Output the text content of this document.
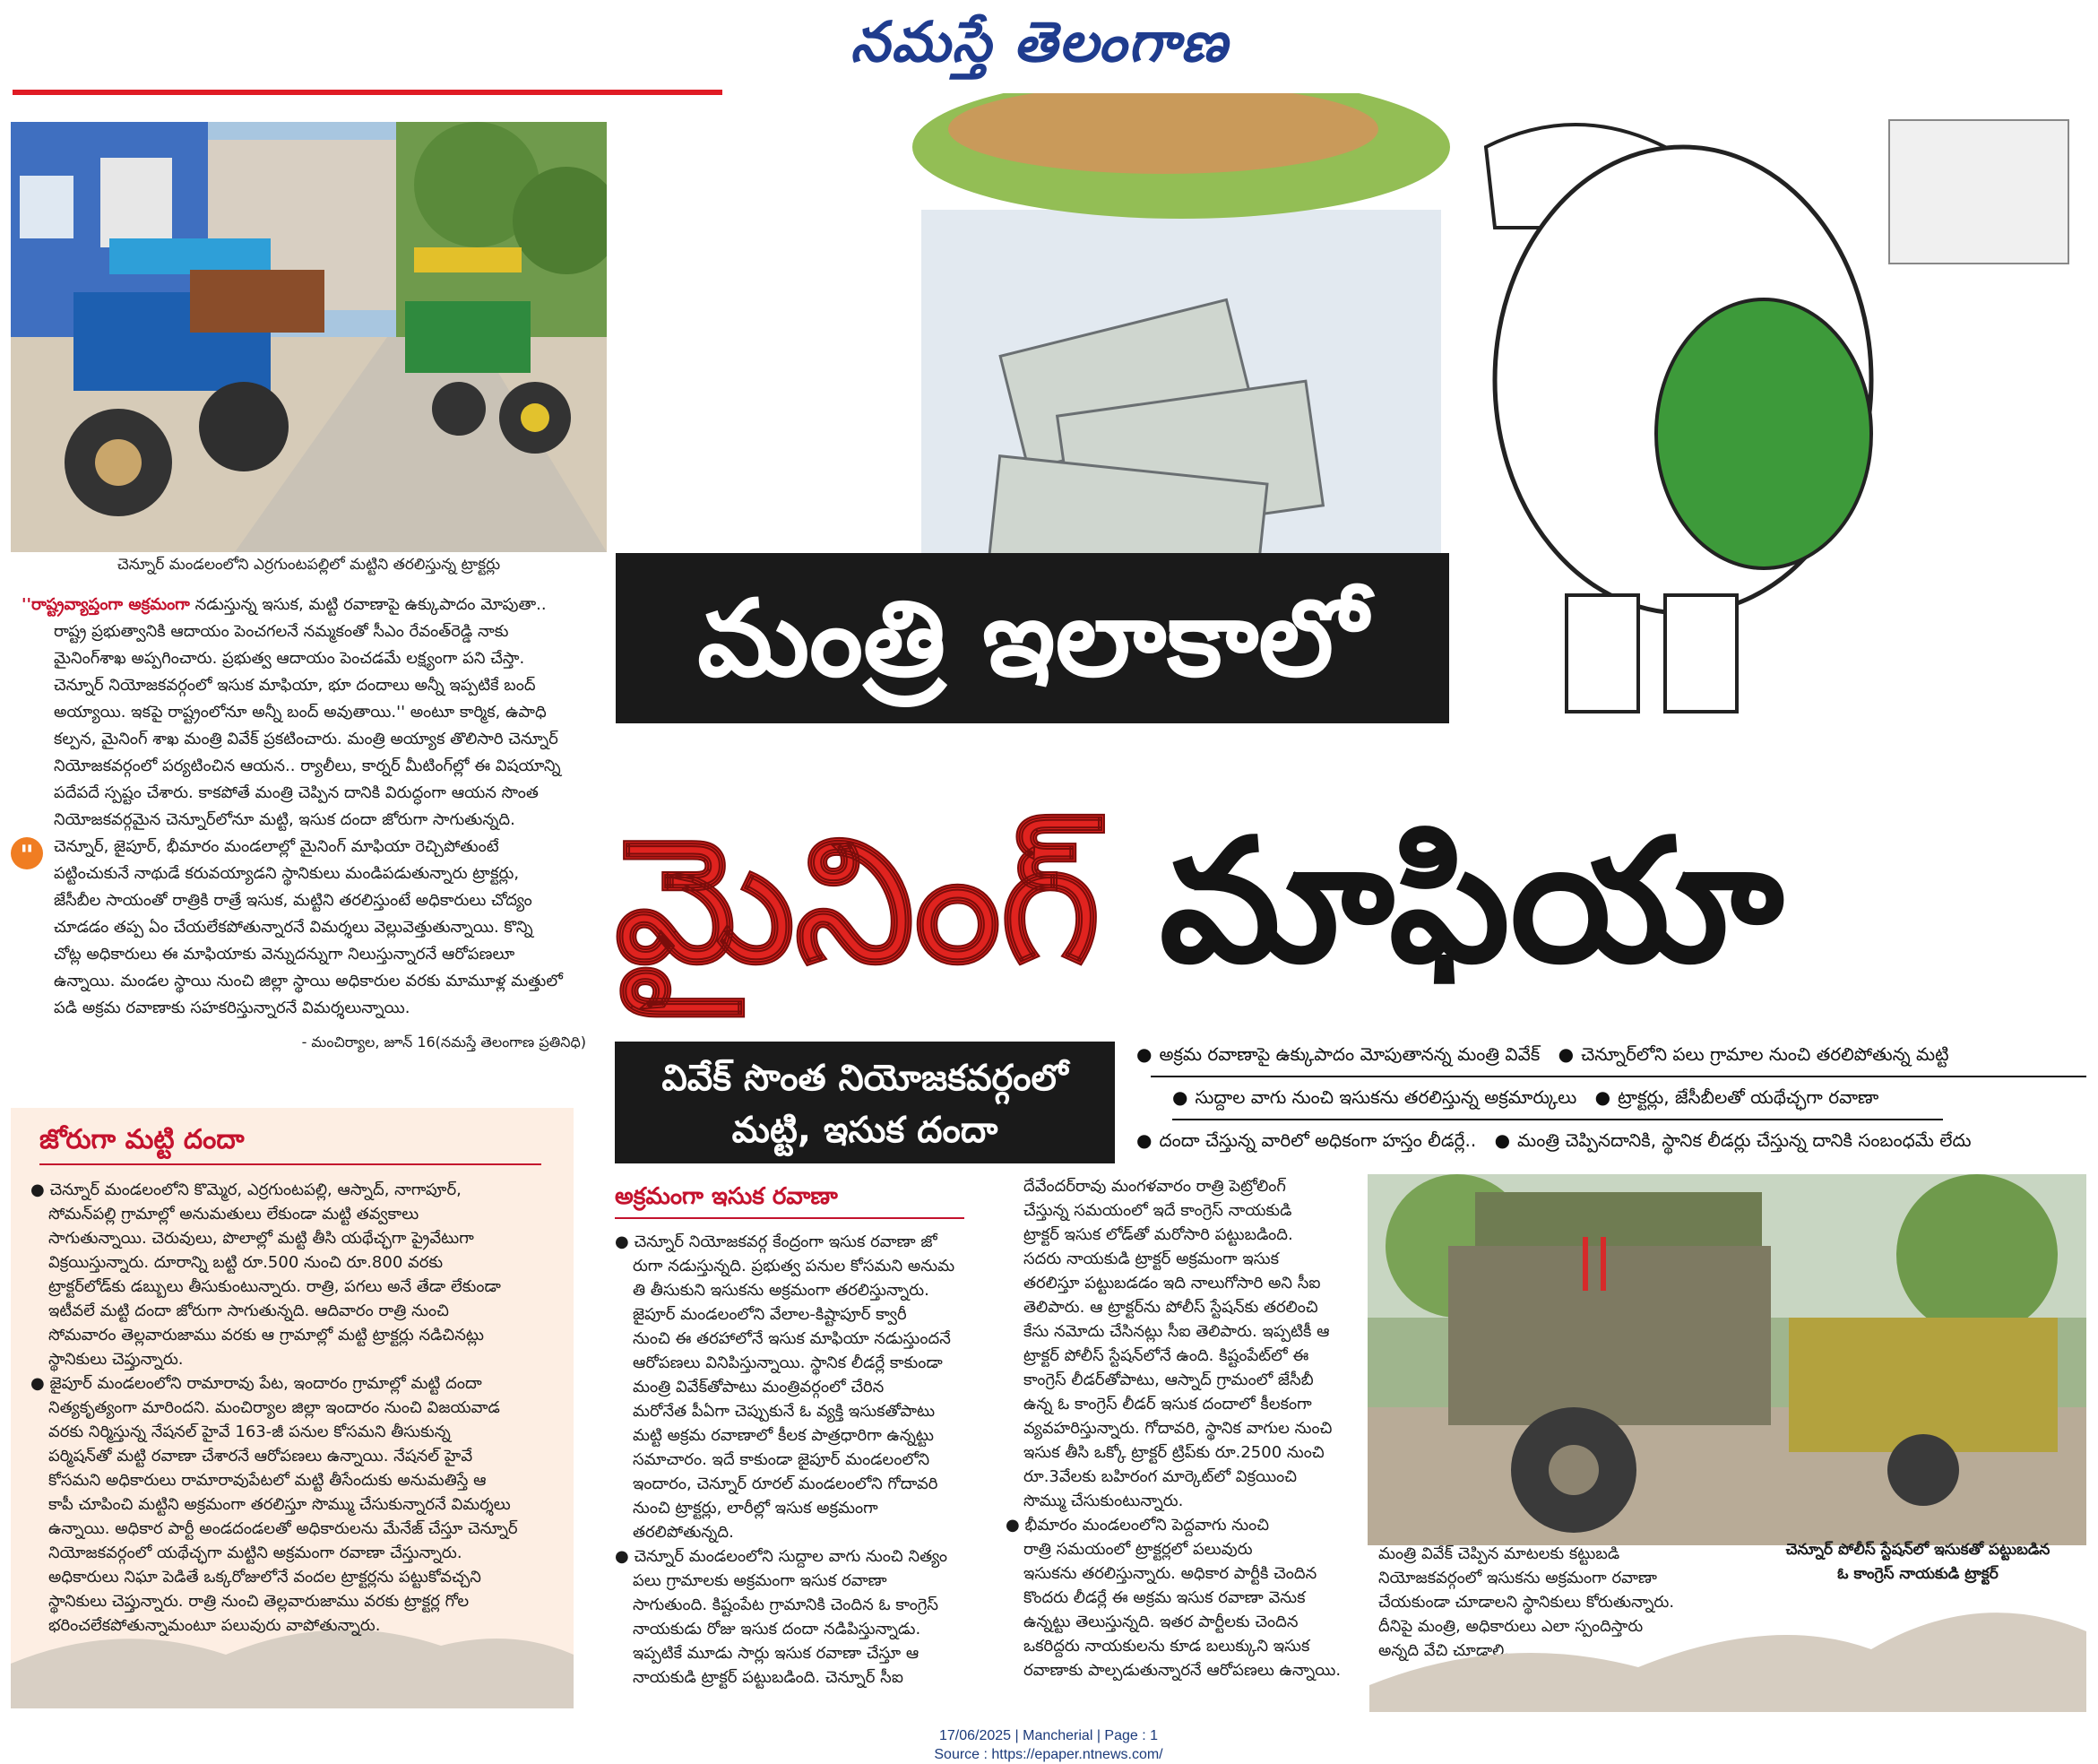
నమస్తే తెలంగాణ
చెన్నూర్ మండలంలోని ఎర్రగుంటపల్లిలో మట్టిని తరలిస్తున్న ట్రాక్టర్లు
మంత్రి ఇలాకాలో
మైనింగ్ మాఫియా

''రాష్ట్రవ్యాప్తంగా అక్రమంగా నడుస్తున్న ఇసుక, మట్టి రవాణాపై ఉక్కుపాదం మోపుతా..

రాష్ట్ర ప్రభుత్వానికి ఆదాయం పెంచగలనే నమ్మకంతో సీఎం రేవంత్‌రెడ్డి నాకు

మైనింగ్‌శాఖ అప్పగించారు. ప్రభుత్వ ఆదాయం పెంచడమే లక్ష్యంగా పని చేస్తా.

చెన్నూర్ నియోజకవర్గంలో ఇసుక మాఫియా, భూ దందాలు అన్నీ ఇప్పటికే బంద్

అయ్యాయి. ఇకపై రాష్ట్రంలోనూ అన్నీ బంద్ అవుతాయి.'' అంటూ కార్మిక, ఉపాధి

కల్పన, మైనింగ్ శాఖ మంత్రి వివేక్ ప్రకటించారు. మంత్రి అయ్యాక తొలిసారి చెన్నూర్

నియోజకవర్గంలో పర్యటించిన ఆయన.. ర్యాలీలు, కార్నర్ మీటింగ్‌ల్లో ఈ విషయాన్ని

పదేపదే స్పష్టం చేశారు. కాకపోతే మంత్రి చెప్పిన దానికి విరుద్ధంగా ఆయన సొంత

నియోజకవర్గమైన చెన్నూర్‌లోనూ మట్టి, ఇసుక దందా జోరుగా సాగుతున్నది.

చెన్నూర్, జైపూర్, భీమారం మండలాల్లో మైనింగ్ మాఫియా రెచ్చిపోతుంటే

పట్టించుకునే నాథుడే కరువయ్యాడని స్థానికులు మండిపడుతున్నారు ట్రాక్టర్లు,

జేసీబీల సాయంతో రాత్రికి రాత్రే ఇసుక, మట్టిని తరలిస్తుంటే అధికారులు చోద్యం

చూడడం తప్ప ఏం చేయలేకపోతున్నారనే విమర్శలు వెల్లువెత్తుతున్నాయి. కొన్ని

చోట్ల అధికారులు ఈ మాఫియాకు వెన్నుదన్నుగా నిలుస్తున్నారనే ఆరోపణలూ

ఉన్నాయి. మండల స్థాయి నుంచి జిల్లా స్థాయి అధికారుల వరకు మామూళ్ల మత్తులో

పడి అక్రమ రవాణాకు సహకరిస్తున్నారనే విమర్శలున్నాయి.

- మంచిర్యాల, జూన్ 16(నమస్తే తెలంగాణ ప్రతినిధి)

"
వివేక్ సొంత నియోజకవర్గంలో
మట్టి, ఇసుక దందా
● అక్రమ రవాణాపై ఉక్కుపాదం మోపుతానన్న మంత్రి వివేక్ ● చెన్నూర్‌లోని పలు గ్రామాల నుంచి తరలిపోతున్న మట్టి
● సుద్దాల వాగు నుంచి ఇసుకను తరలిస్తున్న అక్రమార్కులు ● ట్రాక్టర్లు, జేసీబీలతో యథేచ్ఛగా రవాణా
● దందా చేస్తున్న వారిలో అధికంగా హస్తం లీడర్లే.. ● మంత్రి చెప్పినదానికి, స్థానిక లీడర్లు చేస్తున్న దానికి సంబంధమే లేదు
జోరుగా మట్టి దందా

● చెన్నూర్ మండలంలోని కొమ్మెర, ఎర్రగుంటపల్లి, ఆస్నాద్, నాగాపూర్,

సోమన్‌పల్లి గ్రామాల్లో అనుమతులు లేకుండా మట్టి తవ్వకాలు

సాగుతున్నాయి. చెరువులు, పొలాల్లో మట్టి తీసి యథేచ్ఛగా ప్రైవేటుగా

విక్రయిస్తున్నారు. దూరాన్ని బట్టి రూ.500 నుంచి రూ.800 వరకు

ట్రాక్టర్‌లోడ్‌కు డబ్బులు తీసుకుంటున్నారు. రాత్రి, పగలు అనే తేడా లేకుండా

ఇటీవలే మట్టి దందా జోరుగా సాగుతున్నది. ఆదివారం రాత్రి నుంచి

సోమవారం తెల్లవారుజాము వరకు ఆ గ్రామాల్లో మట్టి ట్రాక్టర్లు నడిచినట్లు

స్థానికులు చెప్తున్నారు.

● జైపూర్ మండలంలోని రామారావు పేట, ఇందారం గ్రామాల్లో మట్టి దందా

నిత్యకృత్యంగా మారిందని. మంచిర్యాల జిల్లా ఇందారం నుంచి విజయవాడ

వరకు నిర్మిస్తున్న నేషనల్ హైవే 163-జీ పనుల కోసమని తీసుకున్న

పర్మిషన్‌తో మట్టి రవాణా చేశారనే ఆరోపణలు ఉన్నాయి. నేషనల్ హైవే

కోసమని అధికారులు రామారావుపేటలో మట్టి తీసేందుకు అనుమతిస్తే ఆ

కాపీ చూపించి మట్టిని అక్రమంగా తరలిస్తూ సొమ్ము చేసుకున్నారనే విమర్శలు

ఉన్నాయి. అధికార పార్టీ అండదండలతో అధికారులను మేనేజ్ చేస్తూ చెన్నూర్

నియోజకవర్గంలో యథేచ్ఛగా మట్టిని అక్రమంగా రవాణా చేస్తున్నారు.

అధికారులు నిఘా పెడితే ఒక్కరోజులోనే వందల ట్రాక్టర్లను పట్టుకోవచ్చని

స్థానికులు చెప్తున్నారు. రాత్రి నుంచి తెల్లవారుజాము వరకు ట్రాక్టర్ల గోల

భరించలేకపోతున్నామంటూ పలువురు వాపోతున్నారు.

అక్రమంగా ఇసుక రవాణా

● చెన్నూర్ నియోజకవర్గ కేంద్రంగా ఇసుక రవాణా జో

రుగా నడుస్తున్నది. ప్రభుత్వ పనుల కోసమని అనుమ

తి తీసుకుని ఇసుకను అక్రమంగా తరలిస్తున్నారు.

జైపూర్ మండలంలోని వేలాల-కిష్టాపూర్ క్వారీ

నుంచి ఈ తరహాలోనే ఇసుక మాఫియా నడుస్తుందనే

ఆరోపణలు వినిపిస్తున్నాయి. స్థానిక లీడర్లే కాకుండా

మంత్రి వివేక్‌తోపాటు మంత్రివర్గంలో చేరిన

మరోనేత పీఏగా చెప్పుకునే ఓ వ్యక్తి ఇసుకతోపాటు

మట్టి అక్రమ రవాణాలో కీలక పాత్రధారిగా ఉన్నట్టు

సమాచారం. ఇదే కాకుండా జైపూర్ మండలంలోని

ఇందారం, చెన్నూర్ రూరల్ మండలంలోని గోదావరి

నుంచి ట్రాక్టర్లు, లారీల్లో ఇసుక అక్రమంగా

తరలిపోతున్నది.

● చెన్నూర్ మండలంలోని సుద్దాల వాగు నుంచి నిత్యం

పలు గ్రామాలకు అక్రమంగా ఇసుక రవాణా

సాగుతుంది. కిష్టంపేట గ్రామానికి చెందిన ఓ కాంగ్రెస్

నాయకుడు రోజు ఇసుక దందా నడిపిస్తున్నాడు.

ఇప్పటికే మూడు సార్లు ఇసుక రవాణా చేస్తూ ఆ

నాయకుడి ట్రాక్టర్ పట్టుబడింది. చెన్నూర్ సీఐ

దేవేందర్‌రావు మంగళవారం రాత్రి పెట్రోలింగ్

చేస్తున్న సమయంలో ఇదే కాంగ్రెస్ నాయకుడి

ట్రాక్టర్ ఇసుక లోడ్‌తో మరోసారి పట్టుబడింది.

సదరు నాయకుడి ట్రాక్టర్ అక్రమంగా ఇసుక

తరలిస్తూ పట్టుబడడం ఇది నాలుగోసారి అని సీఐ

తెలిపారు. ఆ ట్రాక్టర్‌ను పోలీస్ స్టేషన్‌కు తరలించి

కేసు నమోదు చేసినట్లు సీఐ తెలిపారు. ఇప్పటికీ ఆ

ట్రాక్టర్ పోలీస్ స్టేషన్‌లోనే ఉంది. కిష్టంపేట్‌లో ఈ

కాంగ్రెస్ లీడర్‌తోపాటు, ఆస్నాద్ గ్రామంలో జేసీబీ

ఉన్న ఓ కాంగ్రెస్ లీడర్ ఇసుక దందాలో కీలకంగా

వ్యవహరిస్తున్నారు. గోదావరి, స్థానిక వాగుల నుంచి

ఇసుక తీసి ఒక్కో ట్రాక్టర్ ట్రిప్‌కు రూ.2500 నుంచి

రూ.3వేలకు బహిరంగ మార్కెట్‌లో విక్రయించి

సొమ్ము చేసుకుంటున్నారు.

● భీమారం మండలంలోని పెద్దవాగు నుంచి

రాత్రి సమయంలో ట్రాక్టర్లలో పలువురు

ఇసుకను తరలిస్తున్నారు. అధికార పార్టీకి చెందిన

కొందరు లీడర్లే ఈ అక్రమ ఇసుక రవాణా వెనుక

ఉన్నట్టు తెలుస్తున్నది. ఇతర పార్టీలకు చెందిన

ఒకరిద్దరు నాయకులను కూడ బలుక్కుని ఇసుక

రవాణాకు పాల్పడుతున్నారనే ఆరోపణలు ఉన్నాయి.

మంత్రి వివేక్ చెప్పిన మాటలకు కట్టుబడి

నియోజకవర్గంలో ఇసుకను అక్రమంగా రవాణా

చేయకుండా చూడాలని స్థానికులు కోరుతున్నారు.

దీనిపై మంత్రి, అధికారులు ఎలా స్పందిస్తారు

అన్నది వేచి చూడాలి.

చెన్నూర్ పోలీస్ స్టేషన్‌లో ఇసుకతో పట్టుబడిన
ఓ కాంగ్రెస్ నాయకుడి ట్రాక్టర్
17/06/2025 | Mancherial | Page : 1
Source : https://epaper.ntnews.com/
